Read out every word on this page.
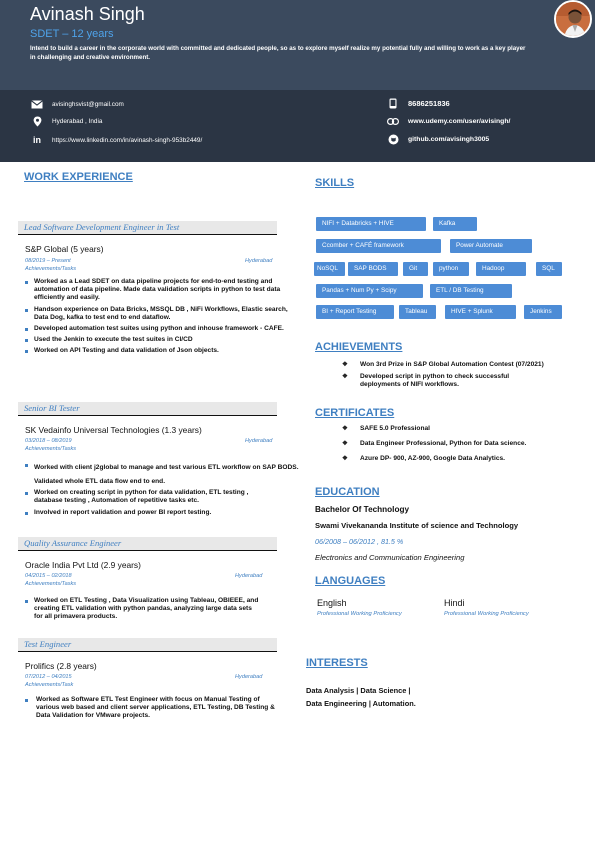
Avinash Singh
SDET – 12 years
Intend to build a career in the corporate world with committed and dedicated people, so as to explore myself realize my potential fully and willing to work as a key player in challenging and creative environment.
avisinghsvist@gmail.com
Hyderabad , India
in https://www.linkedin.com/in/avinash-singh-953b2449/
8686251836
www.udemy.com/user/avisingh/
github.com/avisingh3005
WORK EXPERIENCE
Lead Software Development Engineer in Test
S&P Global (5 years)
08/2019 – Present
Achievements/Tasks
Hyderabad
Worked as a Lead SDET on data pipeline projects for end-to-end testing and automation of data pipeline. Made data validation scripts in python to test data efficiently and easily.
Handson experience on Data Bricks, MSSQL DB , NiFi Workflows, Elastic search, Data Dog, kafka to test end to end dataflow.
Developed automation test suites using python and inhouse framework - CAFE.
Used the Jenkin to execute the test suites in CI/CD
Worked on API Testing and data validation of Json objects.
Senior BI Tester
SK Vedainfo Universal Technologies (1.3 years)
03/2018 – 08/2019
Achievements/Tasks
Hyderabad
Worked with client j2global to manage and test various ETL workflow on SAP BODS. Validated whole ETL data flow end to end.
Worked on creating script in python for data validation, ETL testing , database testing , Automation of repetitive tasks etc.
Involved in report validation and power BI report testing.
Quality Assurance Engineer
Oracle India Pvt Ltd (2.9 years)
04/2015 – 02/2018
Achievements/Tasks
Hyderabad
Worked on ETL Testing , Data Visualization using Tableau, OBIEEE, and creating ETL validation with python pandas, analyzing large data sets for all primavera products.
Test Engineer
Prolifics (2.8 years)
07/2012 – 04/2015
Achievements/Task
Hyderabad
Worked as Software ETL Test Engineer with focus on Manual Testing of various web based and client server applications, ETL Testing, DB Testing & Data Validation for VMware projects.
SKILLS
NIFI + Databricks + HIVE	Kafka
Ccomber + CAFÉ framework	Power Automate
NoSQL	SAP BODS	Git	python	Hadoop	SQL
Pandas + Num Py + Scipy	ETL / DB Testing
BI + Report Testing	Tableau	HIVE + Splunk	Jenkins
ACHIEVEMENTS
❖ Won 3rd Prize in S&P Global Automation Contest (07/2021)
❖ Developed script in python to check successful deployments of NIFI workflows.
CERTIFICATES
❖ SAFE 5.0 Professional
❖ Data Engineer Professional, Python for Data science.
❖ Azure DP- 900, AZ-900, Google Data Analytics.
EDUCATION
Bachelor Of Technology
Swami Vivekananda Institute of science and Technology
06/2008 – 06/2012 , 81.5 %
Electronics and Communication Engineering
LANGUAGES
English
Professional Working Proficiency
Hindi
Professional Working Proficiency
INTERESTS
Data Analysis | Data Science |
Data Engineering | Automation.
